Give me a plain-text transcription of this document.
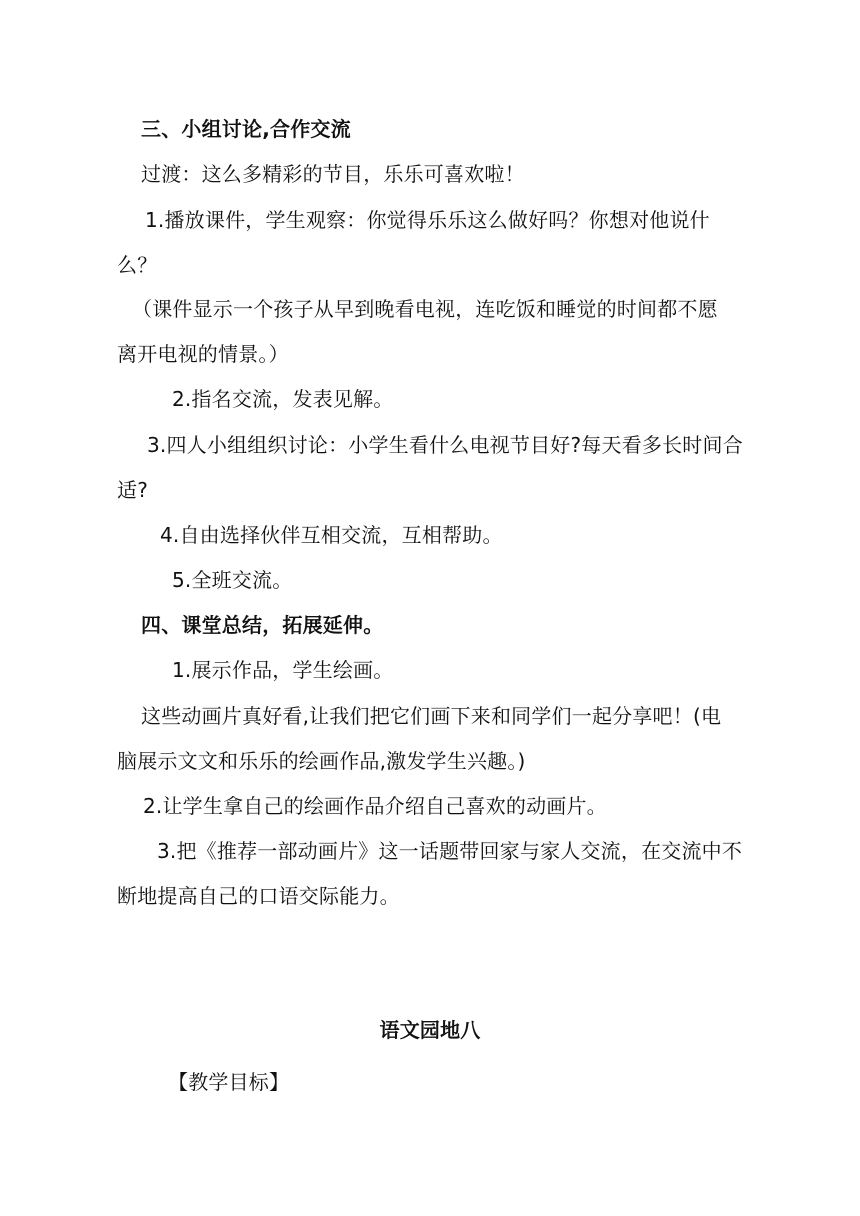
三、小组讨论,合作交流
过渡：这么多精彩的节目，乐乐可喜欢啦！
1.播放课件，学生观察：你觉得乐乐这么做好吗？你想对他说什
么？
（课件显示一个孩子从早到晚看电视，连吃饭和睡觉的时间都不愿
离开电视的情景。）
2.指名交流，发表见解。
3.四人小组组织讨论：小学生看什么电视节目好?每天看多长时间合
适?
4.自由选择伙伴互相交流，互相帮助。
5.全班交流。
四、课堂总结，拓展延伸。
1.展示作品，学生绘画。
这些动画片真好看,让我们把它们画下来和同学们一起分享吧！(电
脑展示文文和乐乐的绘画作品,激发学生兴趣。)
2.让学生拿自己的绘画作品介绍自己喜欢的动画片。
3.把《推荐一部动画片》这一话题带回家与家人交流，在交流中不
断地提高自己的口语交际能力。
语文园地八
【教学目标】
